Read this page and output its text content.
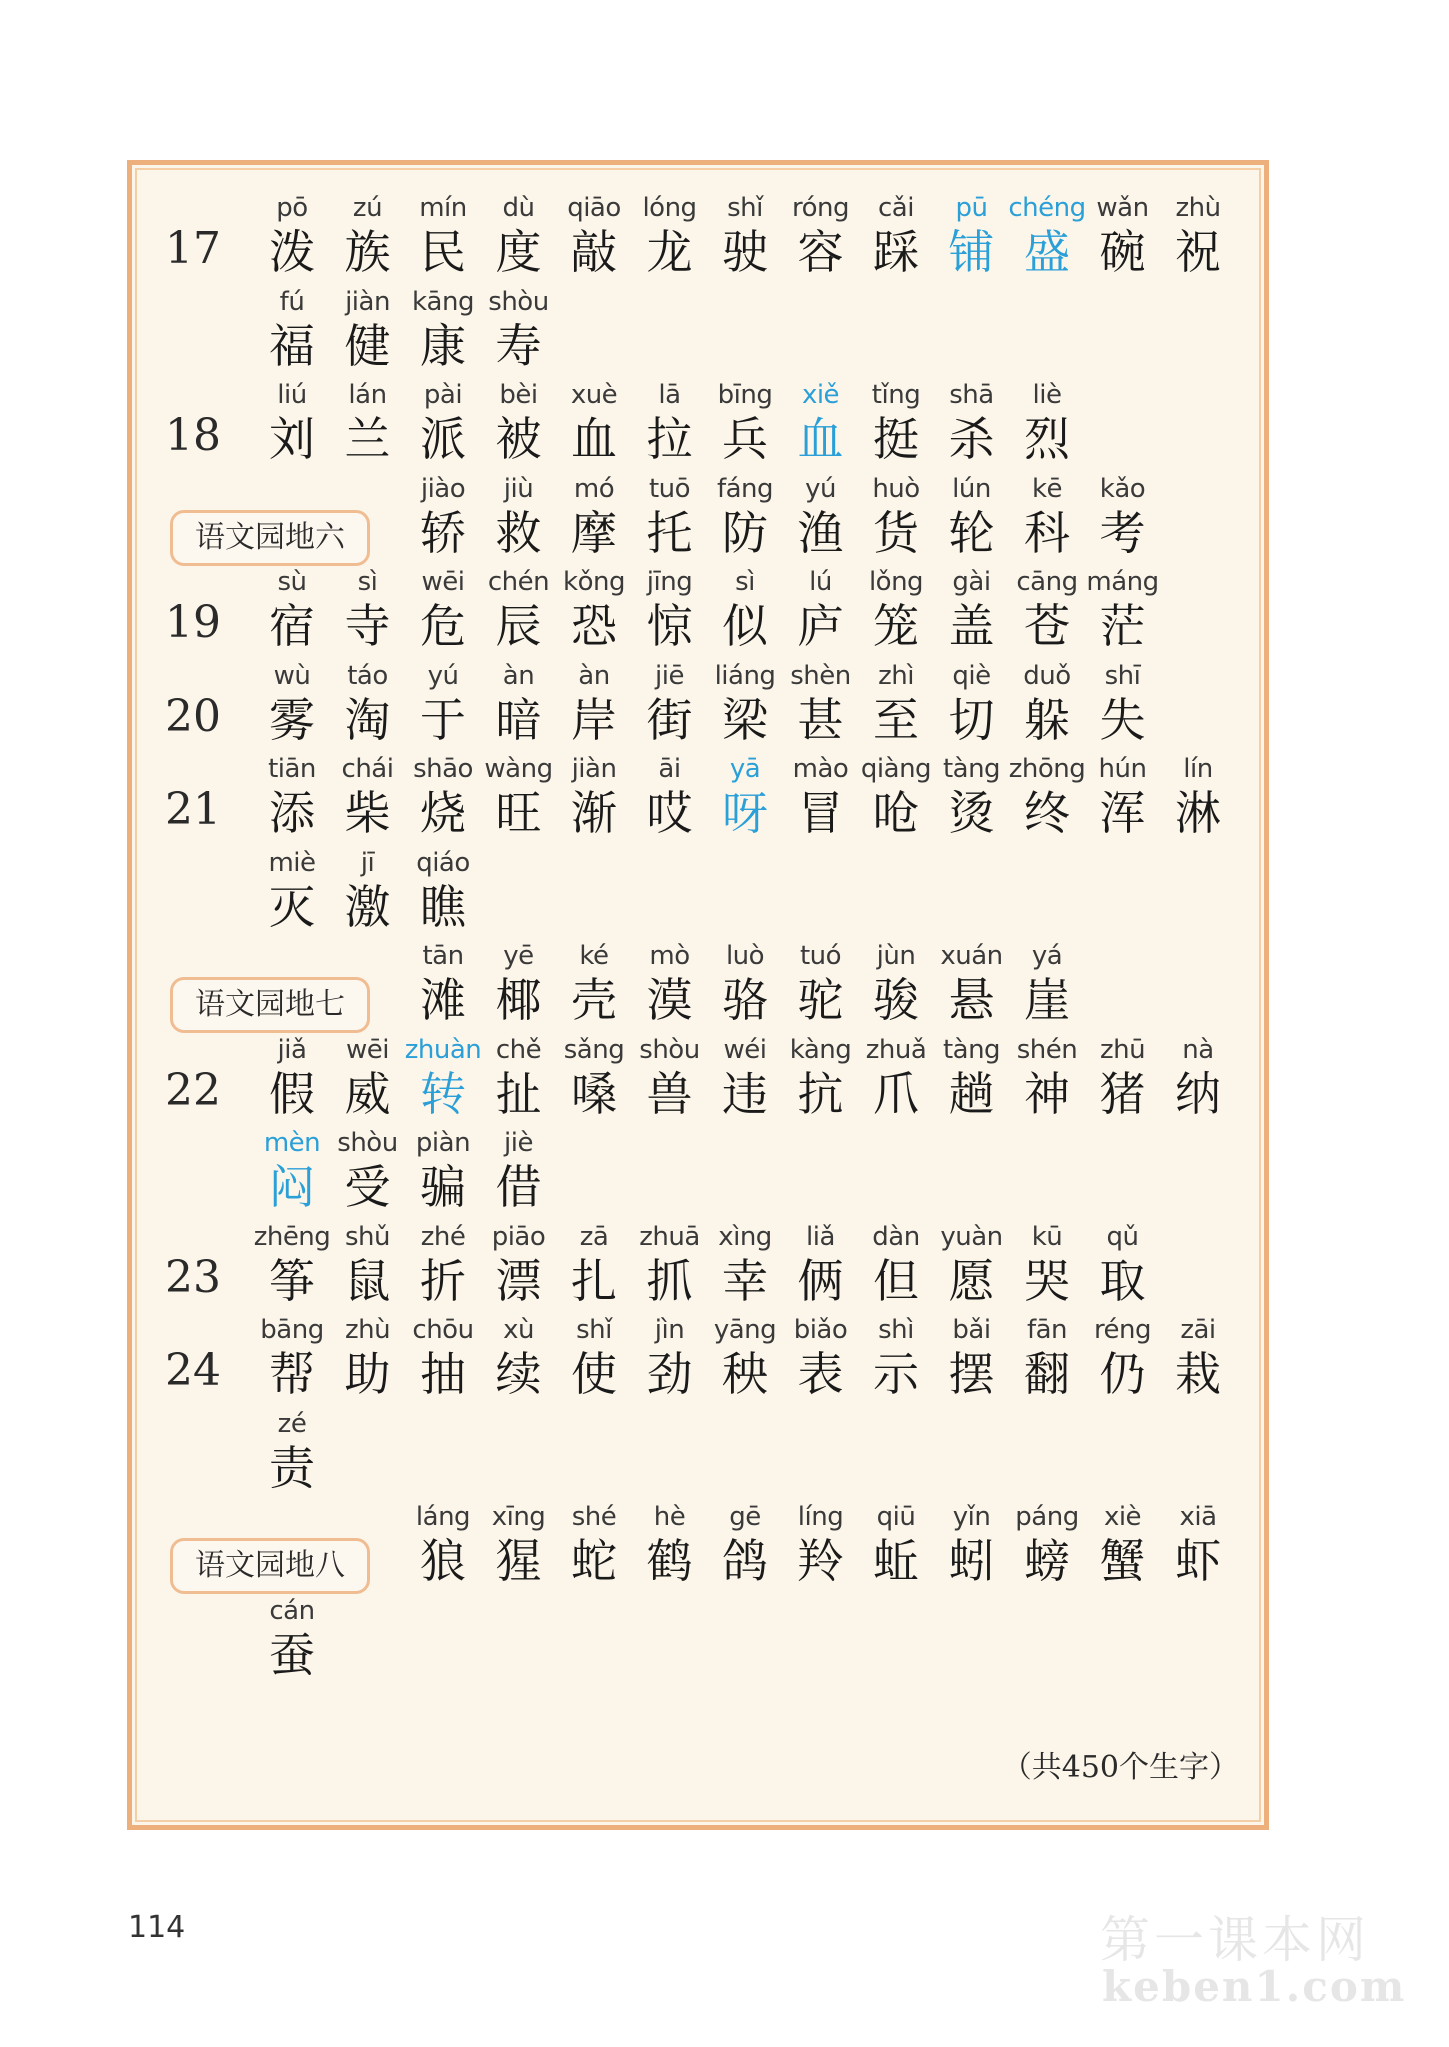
17
pō
泼
zú
族
mín
民
dù
度
qiāo
敲
lóng
龙
shǐ
驶
róng
容
cǎi
踩
pū
铺
chéng
盛
wǎn
碗
zhù
祝
fú
福
jiàn
健
kāng
康
shòu
寿
18
liú
刘
lán
兰
pài
派
bèi
被
xuè
血
lā
拉
bīng
兵
xiě
血
tǐng
挺
shā
杀
liè
烈
语文园地六
jiào
轿
jiù
救
mó
摩
tuō
托
fáng
防
yú
渔
huò
货
lún
轮
kē
科
kǎo
考
19
sù
宿
sì
寺
wēi
危
chén
辰
kǒng
恐
jīng
惊
sì
似
lú
庐
lǒng
笼
gài
盖
cāng
苍
máng
茫
20
wù
雾
táo
淘
yú
于
àn
暗
àn
岸
jiē
街
liáng
梁
shèn
甚
zhì
至
qiè
切
duǒ
躲
shī
失
21
tiān
添
chái
柴
shāo
烧
wàng
旺
jiàn
渐
āi
哎
yā
呀
mào
冒
qiàng
呛
tàng
烫
zhōng
终
hún
浑
lín
淋
miè
灭
jī
激
qiáo
瞧
语文园地七
tān
滩
yē
椰
ké
壳
mò
漠
luò
骆
tuó
驼
jùn
骏
xuán
悬
yá
崖
22
jiǎ
假
wēi
威
zhuàn
转
chě
扯
sǎng
嗓
shòu
兽
wéi
违
kàng
抗
zhuǎ
爪
tàng
趟
shén
神
zhū
猪
nà
纳
mèn
闷
shòu
受
piàn
骗
jiè
借
23
zhēng
筝
shǔ
鼠
zhé
折
piāo
漂
zā
扎
zhuā
抓
xìng
幸
liǎ
俩
dàn
但
yuàn
愿
kū
哭
qǔ
取
24
bāng
帮
zhù
助
chōu
抽
xù
续
shǐ
使
jìn
劲
yāng
秧
biǎo
表
shì
示
bǎi
摆
fān
翻
réng
仍
zāi
栽
zé
责
语文园地八
láng
狼
xīng
猩
shé
蛇
hè
鹤
gē
鸽
líng
羚
qiū
蚯
yǐn
蚓
páng
螃
xiè
蟹
xiā
虾
cán
蚕
（共450个生字）
114	第一课本网
keben1.com
